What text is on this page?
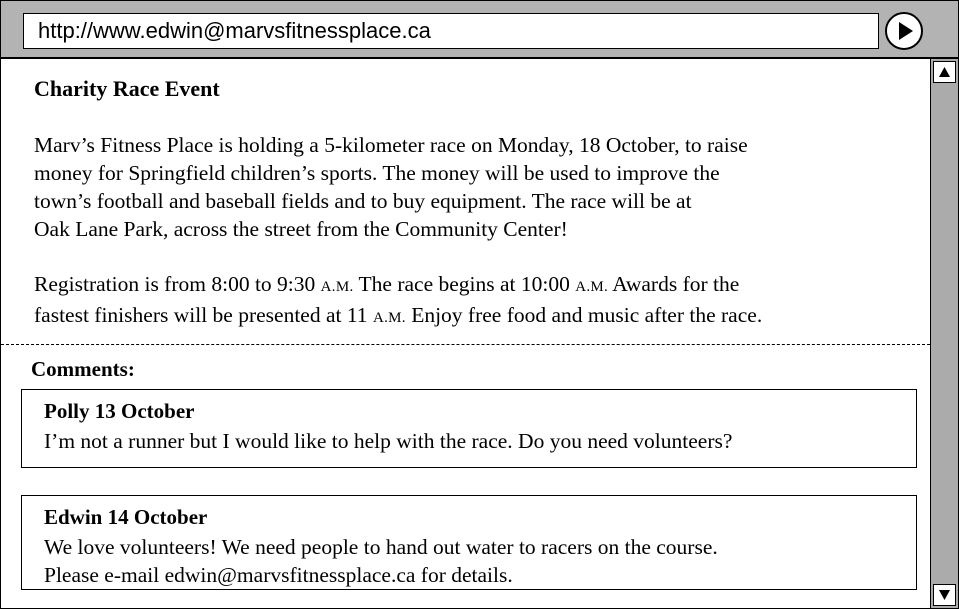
http://www.edwin@marvsfitnessplace.ca
Charity Race Event
Marv’s Fitness Place is holding a 5-kilometer race on Monday, 18 October, to raise
money for Springfield children’s sports. The money will be used to improve the
town’s football and baseball fields and to buy equipment. The race will be at
Oak Lane Park, across the street from the Community Center!
Registration is from 8:00 to 9:30 A.M. The race begins at 10:00 A.M. Awards for the
fastest finishers will be presented at 11 A.M. Enjoy free food and music after the race.
Comments:
Polly 13 October
I’m not a runner but I would like to help with the race. Do you need volunteers?
Edwin 14 October
We love volunteers! We need people to hand out water to racers on the course.
Please e-mail edwin@marvsfitnessplace.ca for details.
